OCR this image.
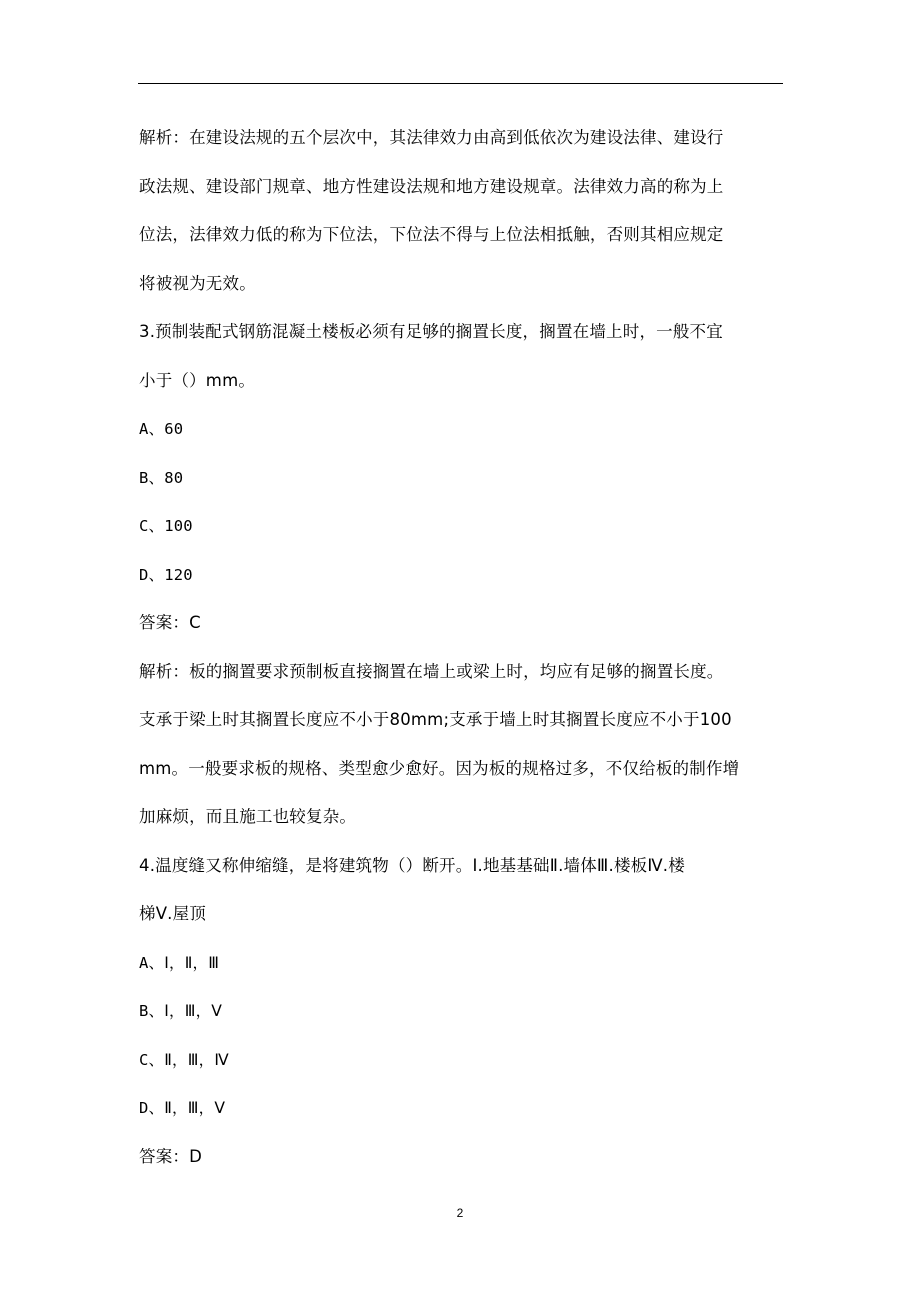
解析：在建设法规的五个层次中，其法律效力由高到低依次为建设法律、建设行
政法规、建设部门规章、地方性建设法规和地方建设规章。法律效力高的称为上
位法，法律效力低的称为下位法，下位法不得与上位法相抵触，否则其相应规定
将被视为无效。
3.预制装配式钢筋混凝土楼板必须有足够的搁置长度，搁置在墙上时，一般不宜
小于（）mm。
A、60
B、80
C、100
D、120
答案：C
解析：板的搁置要求预制板直接搁置在墙上或梁上时，均应有足够的搁置长度。
支承于梁上时其搁置长度应不小于80mm;支承于墙上时其搁置长度应不小于100
mm。一般要求板的规格、类型愈少愈好。因为板的规格过多，不仅给板的制作增
加麻烦，而且施工也较复杂。
4.温度缝又称伸缩缝，是将建筑物（）断开。Ⅰ.地基基础Ⅱ.墙体Ⅲ.楼板Ⅳ.楼
梯Ⅴ.屋顶
A、Ⅰ，Ⅱ，Ⅲ
B、Ⅰ，Ⅲ，Ⅴ
C、Ⅱ，Ⅲ，Ⅳ
D、Ⅱ，Ⅲ，Ⅴ
答案：D
2
